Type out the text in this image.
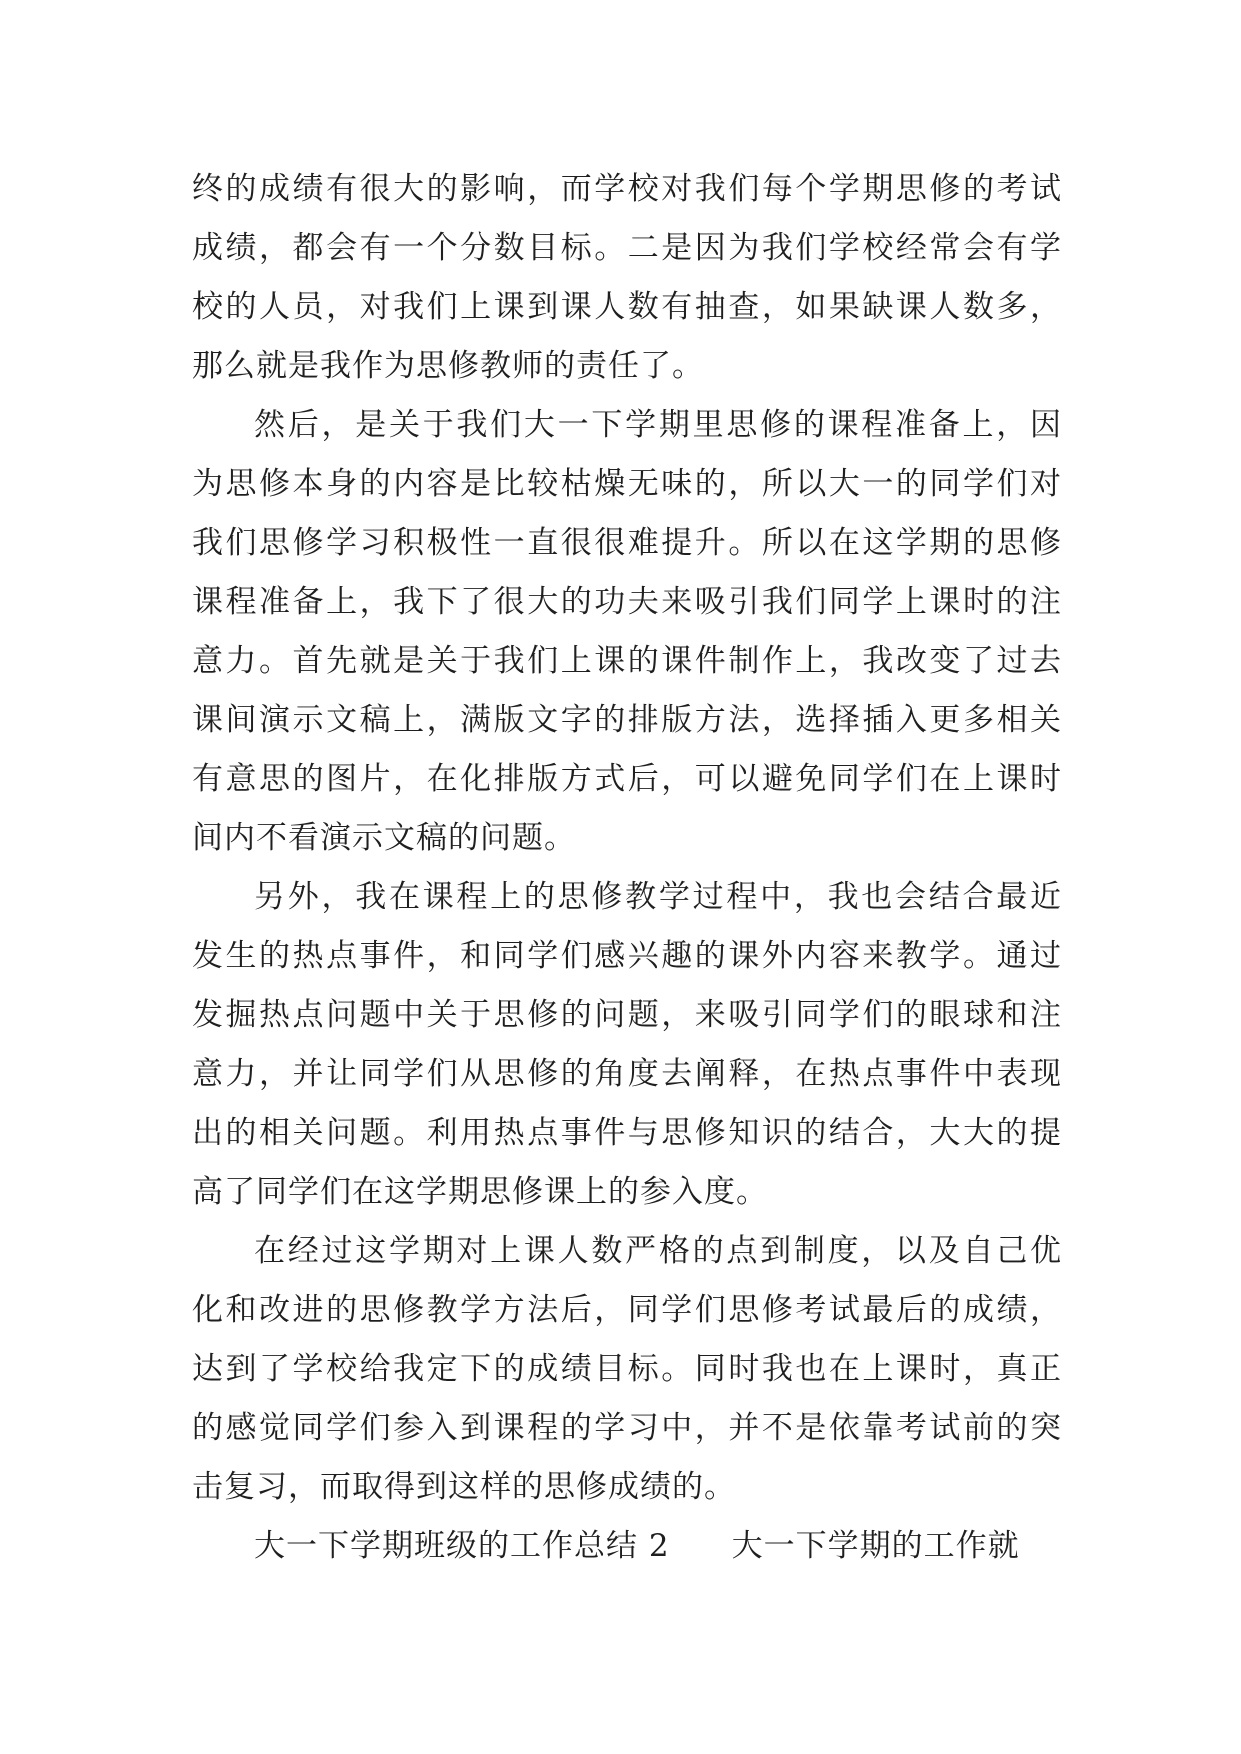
终的成绩有很大的影响，而学校对我们每个学期思修的考试
成绩，都会有一个分数目标。二是因为我们学校经常会有学
校的人员，对我们上课到课人数有抽查，如果缺课人数多，
那么就是我作为思修教师的责任了。
然后，是关于我们大一下学期里思修的课程准备上，因
为思修本身的内容是比较枯燥无味的，所以大一的同学们对
我们思修学习积极性一直很很难提升。所以在这学期的思修
课程准备上，我下了很大的功夫来吸引我们同学上课时的注
意力。首先就是关于我们上课的课件制作上，我改变了过去
课间演示文稿上，满版文字的排版方法，选择插入更多相关
有意思的图片，在化排版方式后，可以避免同学们在上课时
间内不看演示文稿的问题。
另外，我在课程上的思修教学过程中，我也会结合最近
发生的热点事件，和同学们感兴趣的课外内容来教学。通过
发掘热点问题中关于思修的问题，来吸引同学们的眼球和注
意力，并让同学们从思修的角度去阐释，在热点事件中表现
出的相关问题。利用热点事件与思修知识的结合，大大的提
高了同学们在这学期思修课上的参入度。
在经过这学期对上课人数严格的点到制度，以及自己优
化和改进的思修教学方法后，同学们思修考试最后的成绩，
达到了学校给我定下的成绩目标。同时我也在上课时，真正
的感觉同学们参入到课程的学习中，并不是依靠考试前的突
击复习，而取得到这样的思修成绩的。
大一下学期班级的工作总结 2 大一下学期的工作就
